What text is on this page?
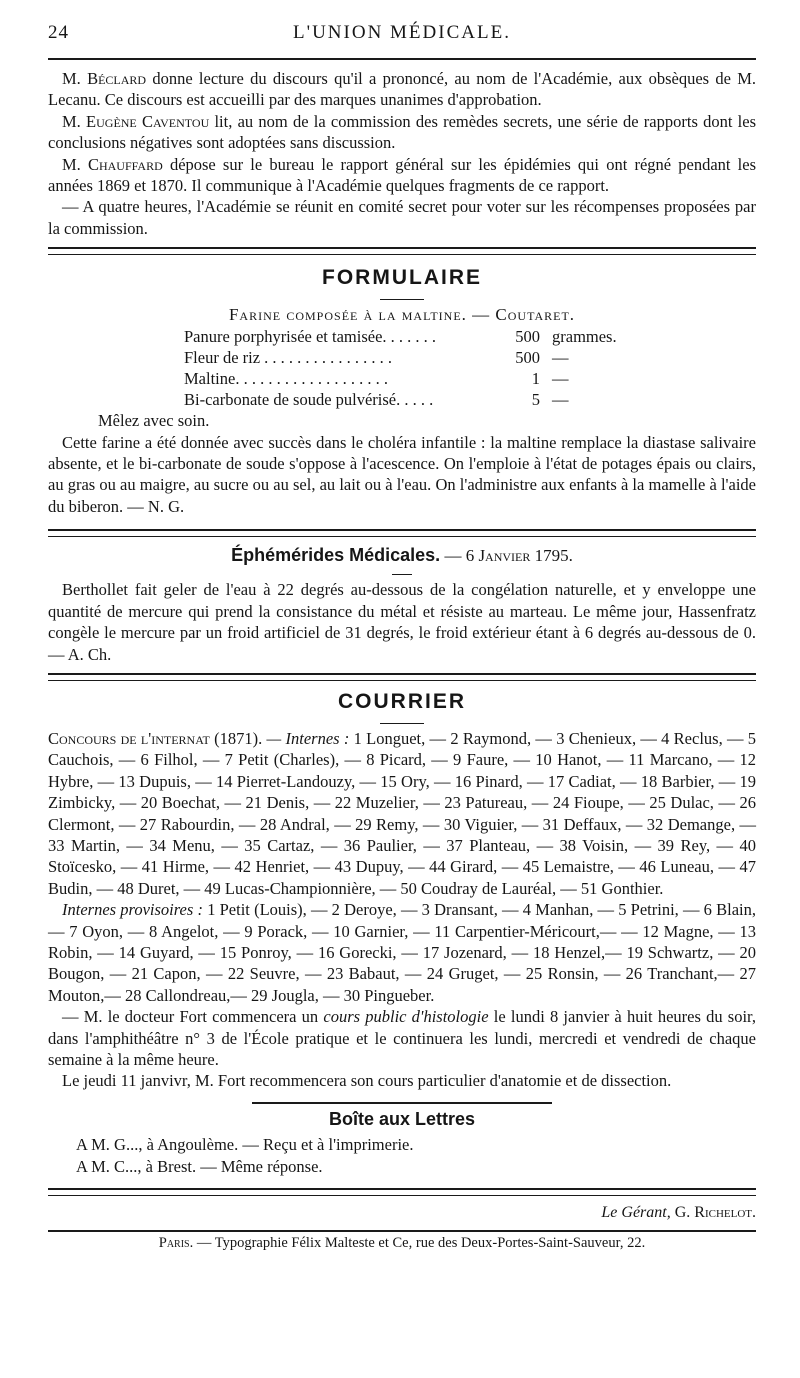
24	L'UNION MÉDICALE.

M. Béclard donne lecture du discours qu'il a prononcé, au nom de l'Académie, aux obsèques de M. Lecanu. Ce discours est accueilli par des marques unanimes d'approbation.

M. Eugène Caventou lit, au nom de la commission des remèdes secrets, une série de rapports dont les conclusions négatives sont adoptées sans discussion.

M. Chauffard dépose sur le bureau le rapport général sur les épidémies qui ont régné pendant les années 1869 et 1870. Il communique à l'Académie quelques fragments de ce rapport.

— A quatre heures, l'Académie se réunit en comité secret pour voter sur les récompenses proposées par la commission.

FORMULAIRE
Farine composée à la maltine. — Coutaret.
Panure porphyrisée et tamisée. . . . . . .	500 grammes.
Fleur de riz . . . . . . . . . . . . . . . .	500 —
Maltine. . . . . . . . . . . . . . . . . . .	1 —
Bi-carbonate de soude pulvérisé. . . . .	5 —

Mêlez avec soin.

Cette farine a été donnée avec succès dans le choléra infantile : la maltine remplace la diastase salivaire absente, et le bi-carbonate de soude s'oppose à l'acescence. On l'emploie à l'état de potages épais ou clairs, au gras ou au maigre, au sucre ou au sel, au lait ou à l'eau. On l'administre aux enfants à la mamelle à l'aide du biberon. — N. G.

Éphémérides Médicales. — 6 Janvier 1795.

Berthollet fait geler de l'eau à 22 degrés au-dessous de la congélation naturelle, et y enveloppe une quantité de mercure qui prend la consistance du métal et résiste au marteau. Le même jour, Hassenfratz congèle le mercure par un froid artificiel de 31 degrés, le froid extérieur étant à 6 degrés au-dessous de 0. — A. Ch.

COURRIER

Concours de l'internat (1871). — Internes : 1 Longuet, — 2 Raymond, — 3 Chenieux, — 4 Reclus, — 5 Cauchois, — 6 Filhol, — 7 Petit (Charles), — 8 Picard, — 9 Faure, — 10 Hanot, — 11 Marcano, — 12 Hybre, — 13 Dupuis, — 14 Pierret-Landouzy, — 15 Ory, — 16 Pinard, — 17 Cadiat, — 18 Barbier, — 19 Zimbicky, — 20 Boechat, — 21 Denis, — 22 Muzelier, — 23 Patureau, — 24 Fioupe, — 25 Dulac, — 26 Clermont, — 27 Rabourdin, — 28 Andral, — 29 Remy, — 30 Viguier, — 31 Deffaux, — 32 Demange, — 33 Martin, — 34 Menu, — 35 Cartaz, — 36 Paulier, — 37 Planteau, — 38 Voisin, — 39 Rey, — 40 Stoïcesko, — 41 Hirme, — 42 Henriet, — 43 Dupuy, — 44 Girard, — 45 Lemaistre, — 46 Luneau, — 47 Budin, — 48 Duret, — 49 Lucas-Championnière, — 50 Coudray de Lauréal, — 51 Gonthier.

Internes provisoires : 1 Petit (Louis), — 2 Deroye, — 3 Dransant, — 4 Manhan, — 5 Petrini, — 6 Blain, — 7 Oyon, — 8 Angelot, — 9 Porack, — 10 Garnier, — 11 Carpentier-Méricourt,— — 12 Magne, — 13 Robin, — 14 Guyard, — 15 Ponroy, — 16 Gorecki, — 17 Jozenard, — 18 Henzel,— 19 Schwartz, — 20 Bougon, — 21 Capon, — 22 Seuvre, — 23 Babaut, — 24 Gruget, — 25 Ronsin, — 26 Tranchant,— 27 Mouton,— 28 Callondreau,— 29 Jougla, — 30 Pingueber.

— M. le docteur Fort commencera un cours public d'histologie le lundi 8 janvier à huit heures du soir, dans l'amphithéâtre n° 3 de l'École pratique et le continuera les lundi, mercredi et vendredi de chaque semaine à la même heure.

Le jeudi 11 janvivr, M. Fort recommencera son cours particulier d'anatomie et de dissection.

Boîte aux Lettres

A M. G..., à Angoulème. — Reçu et à l'imprimerie.

A M. C..., à Brest. — Même réponse.

Le Gérant, G. Richelot.
Paris. — Typographie Félix Malteste et Ce, rue des Deux-Portes-Saint-Sauveur, 22.
